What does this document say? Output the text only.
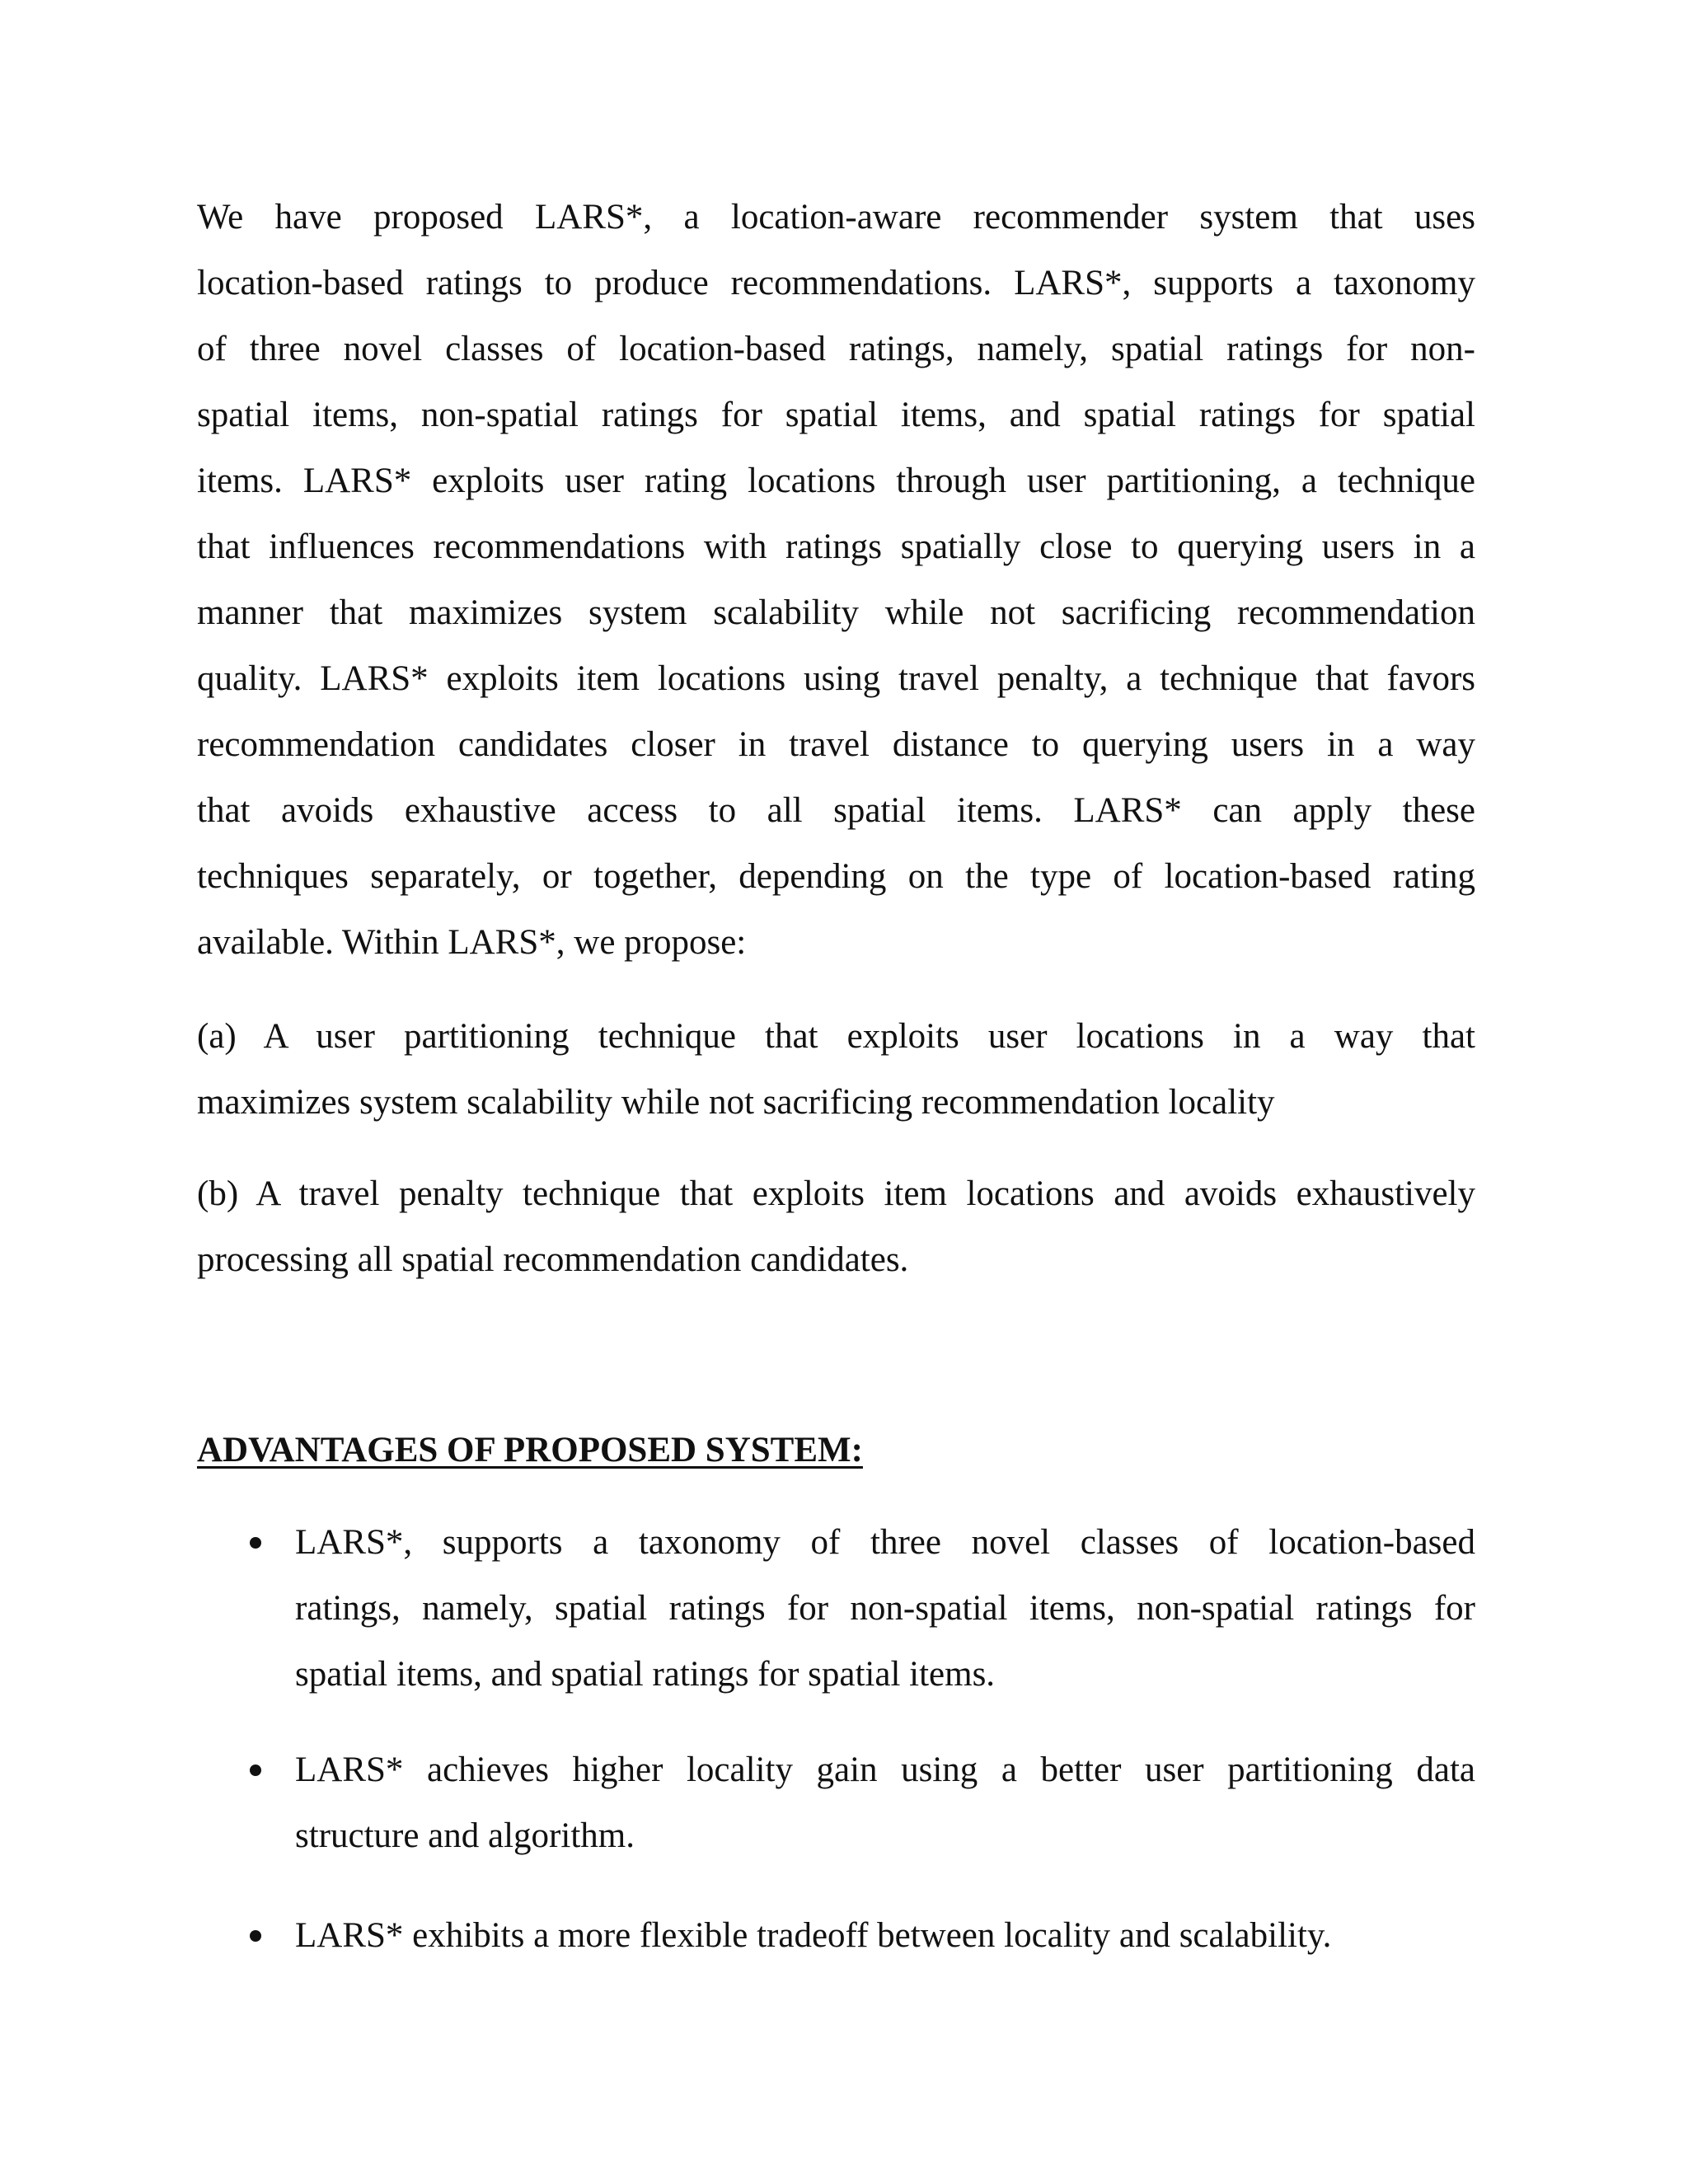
We have proposed LARS*, a location-aware recommender system that uses
location-based ratings to produce recommendations. LARS*, supports a taxonomy
of three novel classes of location-based ratings, namely, spatial ratings for non-
spatial items, non-spatial ratings for spatial items, and spatial ratings for spatial
items. LARS* exploits user rating locations through user partitioning, a technique
that influences recommendations with ratings spatially close to querying users in a
manner that maximizes system scalability while not sacrificing recommendation
quality. LARS* exploits item locations using travel penalty, a technique that favors
recommendation candidates closer in travel distance to querying users in a way
that avoids exhaustive access to all spatial items. LARS* can apply these
techniques separately, or together, depending on the type of location-based rating
available. Within LARS*, we propose:
(a) A user partitioning technique that exploits user locations in a way that
maximizes system scalability while not sacrificing recommendation locality
(b) A travel penalty technique that exploits item locations and avoids exhaustively
processing all spatial recommendation candidates.
ADVANTAGES OF PROPOSED SYSTEM:
LARS*, supports a taxonomy of three novel classes of location-based
ratings, namely, spatial ratings for non-spatial items, non-spatial ratings for
spatial items, and spatial ratings for spatial items.
LARS* achieves higher locality gain using a better user partitioning data
structure and algorithm.
LARS* exhibits a more flexible tradeoff between locality and scalability.
